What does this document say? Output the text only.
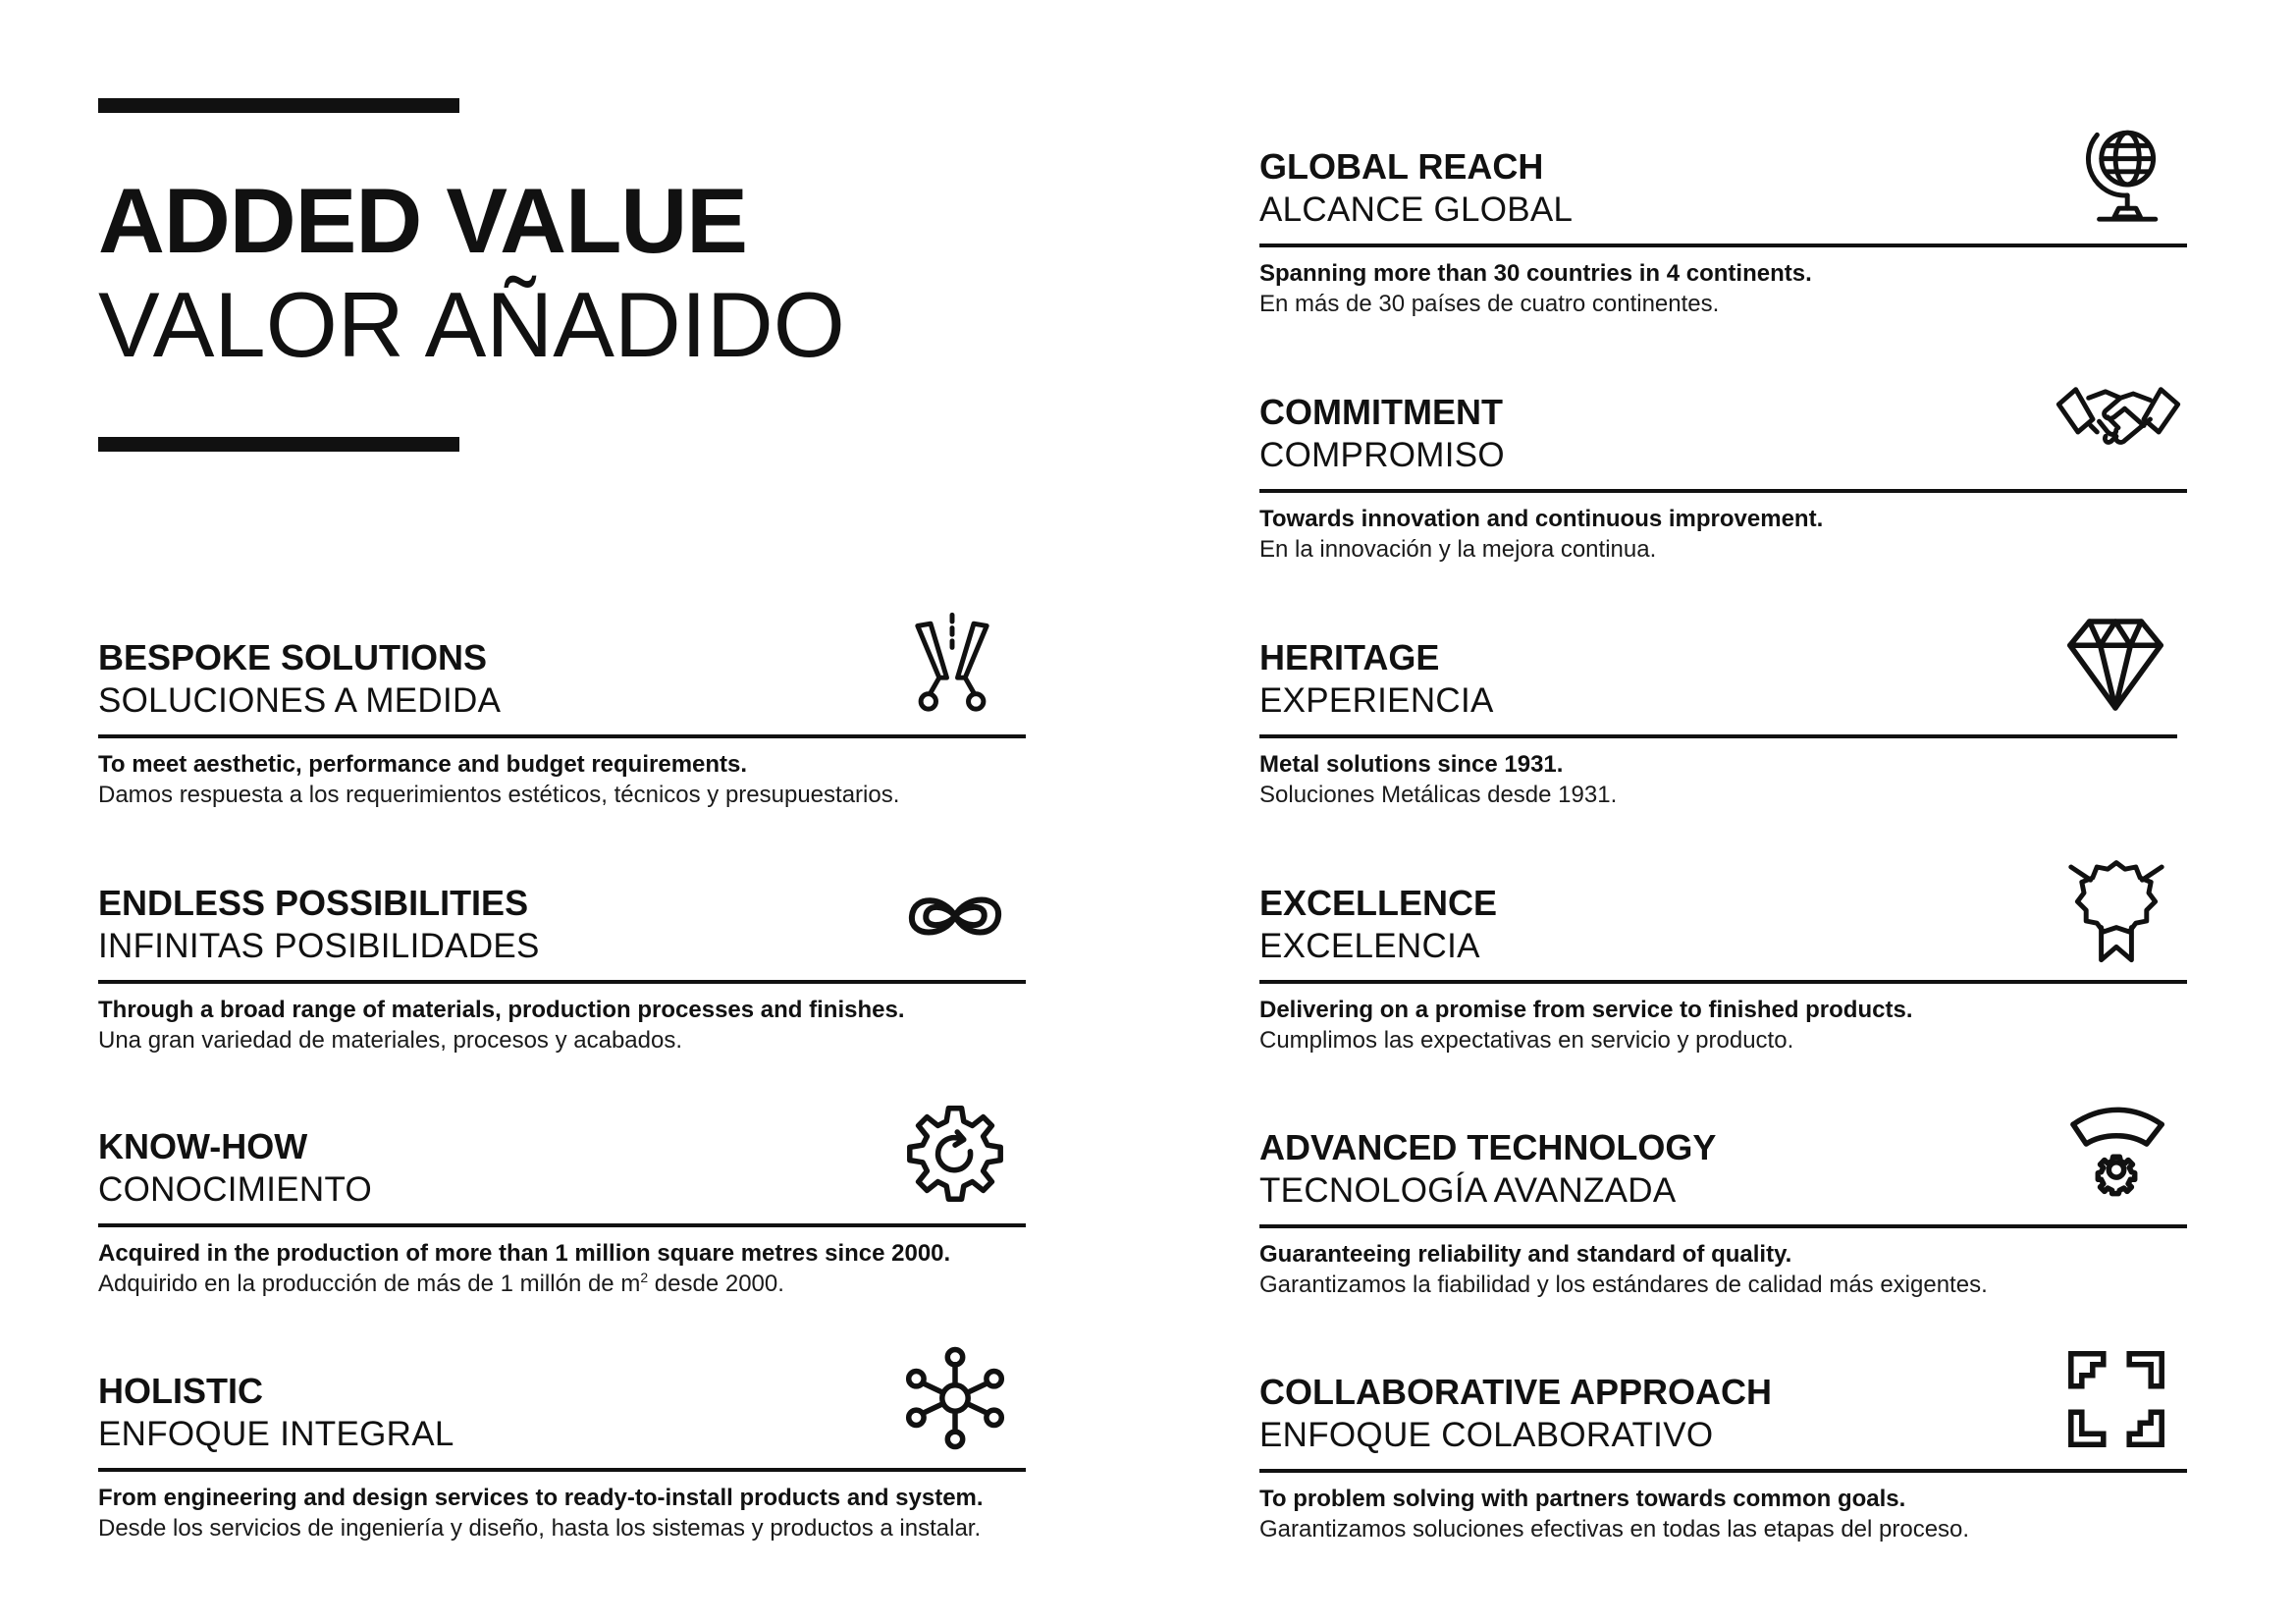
ADDED VALUE
VALOR AÑADIDO
BESPOKE SOLUTIONS
SOLUCIONES A MEDIDA
To meet aesthetic, performance and budget requirements.
Damos respuesta a los requerimientos estéticos, técnicos y presupuestarios.
ENDLESS POSSIBILITIES
INFINITAS POSIBILIDADES
Through a broad range of materials, production processes and finishes.
Una gran variedad de materiales, procesos y acabados.
KNOW-HOW
CONOCIMIENTO
Acquired in the production of more than 1 million square metres since 2000.
Adquirido en la producción de más de 1 millón de $m^2$ desde 2000.
HOLISTIC
ENFOQUE INTEGRAL
From engineering and design services to ready-to-install products and system.
Desde los servicios de ingeniería y diseño, hasta los sistemas y productos a instalar.
GLOBAL REACH
ALCANCE GLOBAL
Spanning more than 30 countries in 4 continents.
En más de 30 países de cuatro continentes.
COMMITMENT
COMPROMISO
Towards innovation and continuous improvement.
En la innovación y la mejora continua.
HERITAGE
EXPERIENCIA
Metal solutions since 1931.
Soluciones Metálicas desde 1931.
EXCELLENCE
EXCELENCIA
Delivering on a promise from service to finished products.
Cumplimos las expectativas en servicio y producto.
ADVANCED TECHNOLOGY
TECNOLOGÍA AVANZADA
Guaranteeing reliability and standard of quality.
Garantizamos la fiabilidad y los estándares de calidad más exigentes.
COLLABORATIVE APPROACH
ENFOQUE COLABORATIVO
To problem solving with partners towards common goals.
Garantizamos soluciones efectivas en todas las etapas del proceso.
